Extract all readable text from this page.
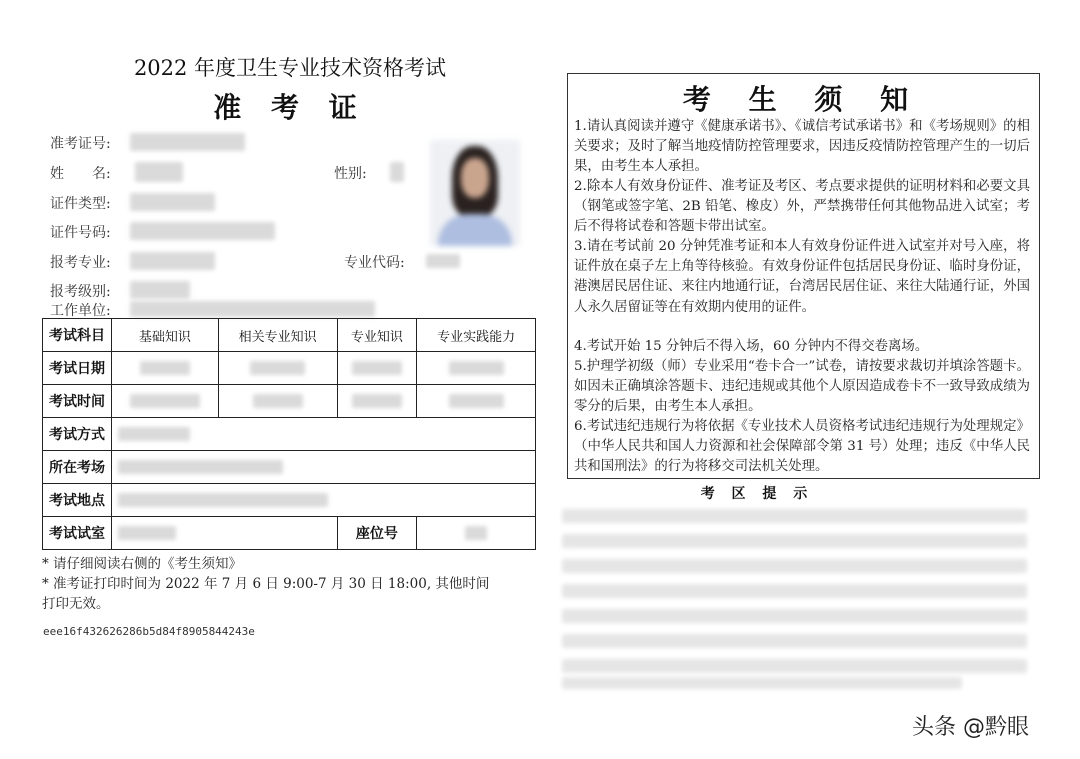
2022 年度卫生专业技术资格考试
准 考 证
准考证号:
姓　　名:	性别:
证件类型:
证件号码:
报考专业:	专业代码:
报考级别:
工作单位:
考试科目	基础知识	相关专业知识	专业知识	专业实践能力
考试日期	

考试时间	

考试方式				

所在考场				

考试地点				

考试试室			座位号	
* 请仔细阅读右侧的《考生须知》
* 准考证打印时间为 2022 年 7 月 6 日 9:00-7 月 30 日 18:00, 其他时间
打印无效。
eee16f432626286b5d84f8905844243e
考 生 须 知
1.请认真阅读并遵守《健康承诺书》、《诚信考试承诺书》和《考场规则》的相关要求；及时了解当地疫情防控管理要求，因违反疫情防控管理产生的一切后果，由考生本人承担。
2.除本人有效身份证件、准考证及考区、考点要求提供的证明材料和必要文具（钢笔或签字笔、2B 铅笔、橡皮）外，严禁携带任何其他物品进入试室；考后不得将试卷和答题卡带出试室。
3.请在考试前 20 分钟凭准考证和本人有效身份证件进入试室并对号入座，将证件放在桌子左上角等待核验。有效身份证件包括居民身份证、临时身份证，港澳居民居住证、来往内地通行证，台湾居民居住证、来往大陆通行证，外国人永久居留证等在有效期内使用的证件。
4.考试开始 15 分钟后不得入场，60 分钟内不得交卷离场。
5.护理学初级（师）专业采用“卷卡合一”试卷，请按要求裁切并填涂答题卡。如因未正确填涂答题卡、违纪违规或其他个人原因造成卷卡不一致导致成绩为零分的后果，由考生本人承担。
6.考试违纪违规行为将依据《专业技术人员资格考试违纪违规行为处理规定》（中华人民共和国人力资源和社会保障部令第 31 号）处理；违反《中华人民共和国刑法》的行为将移交司法机关处理。
考 区 提 示
头条 @黔眼
